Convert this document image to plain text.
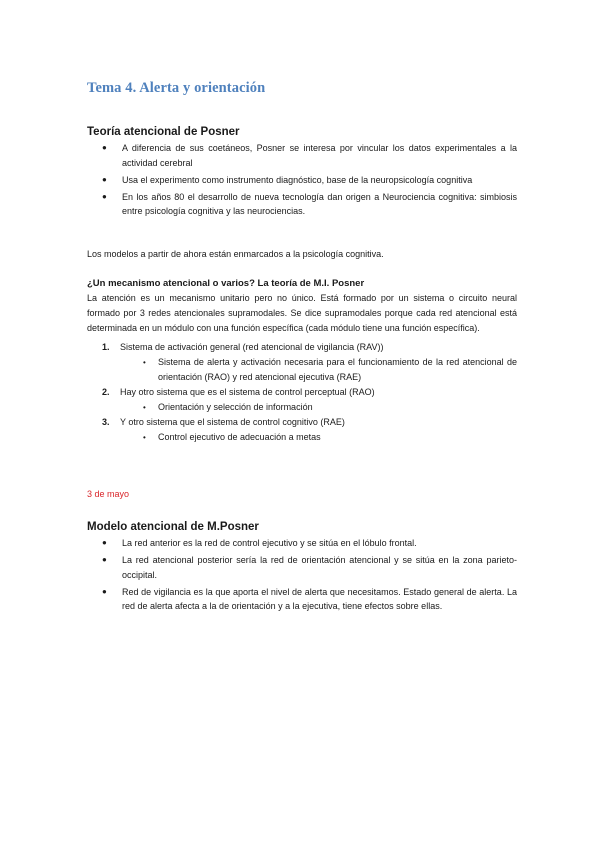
Tema 4. Alerta y orientación
Teoría atencional de Posner
● A diferencia de sus coetáneos, Posner se interesa por vincular los datos experimentales a la actividad cerebral
● Usa el experimento como instrumento diagnóstico, base de la neuropsicología cognitiva
● En los años 80 el desarrollo de nueva tecnología dan origen a Neurociencia cognitiva: simbiosis entre psicología cognitiva y las neurociencias.

Los modelos a partir de ahora están enmarcados a la psicología cognitiva.

¿Un mecanismo atencional o varios? La teoría de M.I. Posner

La atención es un mecanismo unitario pero no único. Está formado por un sistema o circuito neural formado por 3 redes atencionales supramodales. Se dice supramodales porque cada red atencional está determinada en un módulo con una función específica (cada módulo tiene una función específica).

1. Sistema de activación general (red atencional de vigilancia (RAV))
• Sistema de alerta y activación necesaria para el funcionamiento de la red atencional de orientación (RAO) y red atencional ejecutiva (RAE)
2. Hay otro sistema que es el sistema de control perceptual (RAO)
• Orientación y selección de información
3. Y otro sistema que el sistema de control cognitivo (RAE)
• Control ejecutivo de adecuación a metas

3 de mayo

Modelo atencional de M.Posner
● La red anterior es la red de control ejecutivo y se sitúa en el lóbulo frontal.
● La red atencional posterior sería la red de orientación atencional y se sitúa en la zona parieto-occipital.
● Red de vigilancia es la que aporta el nivel de alerta que necesitamos. Estado general de alerta. La red de alerta afecta a la de orientación y a la ejecutiva, tiene efectos sobre ellas.
